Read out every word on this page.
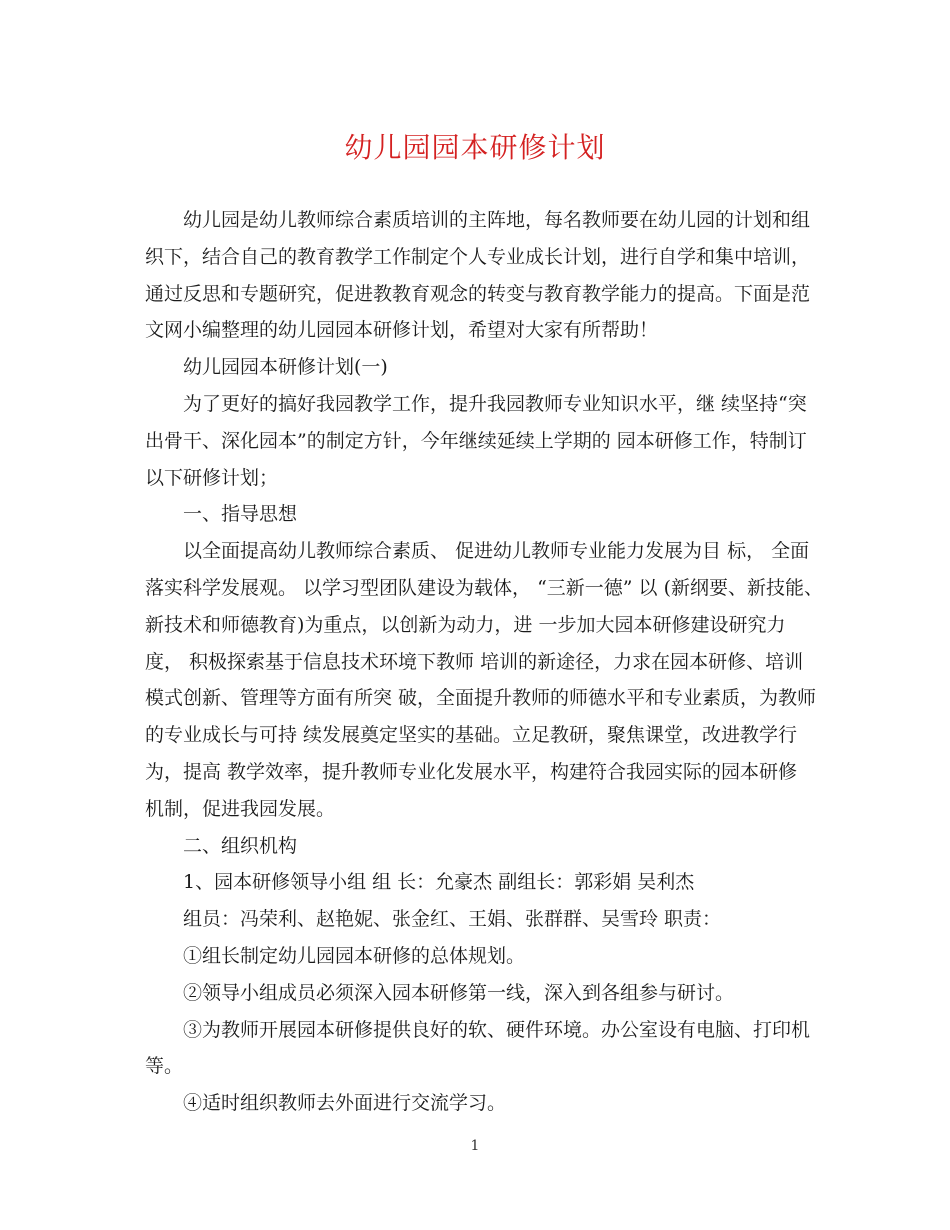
幼儿园园本研修计划

幼儿园是幼儿教师综合素质培训的主阵地，每名教师要在幼儿园的计划和组
织下，结合自己的教育教学工作制定个人专业成长计划，进行自学和集中培训，
通过反思和专题研究，促进教教育观念的转变与教育教学能力的提高。下面是范
文网小编整理的幼儿园园本研修计划，希望对大家有所帮助！

幼儿园园本研修计划(一)

为了更好的搞好我园教学工作，提升我园教师专业知识水平，继 续坚持“突
出骨干、深化园本”的制定方针，今年继续延续上学期的 园本研修工作，特制订
以下研修计划；

一、指导思想

以全面提高幼儿教师综合素质、 促进幼儿教师专业能力发展为目 标， 全面
落实科学发展观。 以学习型团队建设为载体， “三新一德” 以 (新纲要、新技能、
新技术和师德教育)为重点，以创新为动力，进 一步加大园本研修建设研究力
度， 积极探索基于信息技术环境下教师 培训的新途径，力求在园本研修、培训
模式创新、管理等方面有所突 破，全面提升教师的师德水平和专业素质，为教师
的专业成长与可持 续发展奠定坚实的基础。立足教研，聚焦课堂，改进教学行
为，提高 教学效率，提升教师专业化发展水平，构建符合我园实际的园本研修
机制，促进我园发展。

二、组织机构

1、园本研修领导小组 组 长：允豪杰 副组长：郭彩娟 吴利杰

组员：冯荣利、赵艳妮、张金红、王娟、张群群、吴雪玲 职责：

①组长制定幼儿园园本研修的总体规划。

②领导小组成员必须深入园本研修第一线，深入到各组参与研讨。

③为教师开展园本研修提供良好的软、硬件环境。办公室设有电脑、打印机
等。

④适时组织教师去外面进行交流学习。

1
